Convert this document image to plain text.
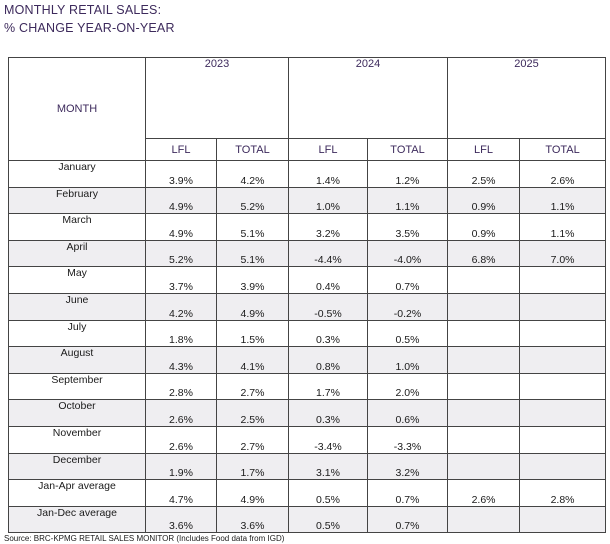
MONTHLY RETAIL SALES:
% CHANGE YEAR-ON-YEAR
MONTH	2023		2024		2025	
	LFL	TOTAL	LFL	TOTAL	LFL	TOTAL
January	3.9%	4.2%	1.4%	1.2%	2.5%	2.6%
February	4.9%	5.2%	1.0%	1.1%	0.9%	1.1%
March	4.9%	5.1%	3.2%	3.5%	0.9%	1.1%
April	5.2%	5.1%	-4.4%	-4.0%	6.8%	7.0%
May	3.7%	3.9%	0.4%	0.7%		
June	4.2%	4.9%	-0.5%	-0.2%		
July	1.8%	1.5%	0.3%	0.5%		
August	4.3%	4.1%	0.8%	1.0%		
September	2.8%	2.7%	1.7%	2.0%		
October	2.6%	2.5%	0.3%	0.6%		
November	2.6%	2.7%	-3.4%	-3.3%		
December	1.9%	1.7%	3.1%	3.2%		
Jan-Apr average	4.7%	4.9%	0.5%	0.7%	2.6%	2.8%
Jan-Dec average	3.6%	3.6%	0.5%	0.7%		
Source: BRC-KPMG RETAIL SALES MONITOR (Includes Food data from IGD)
